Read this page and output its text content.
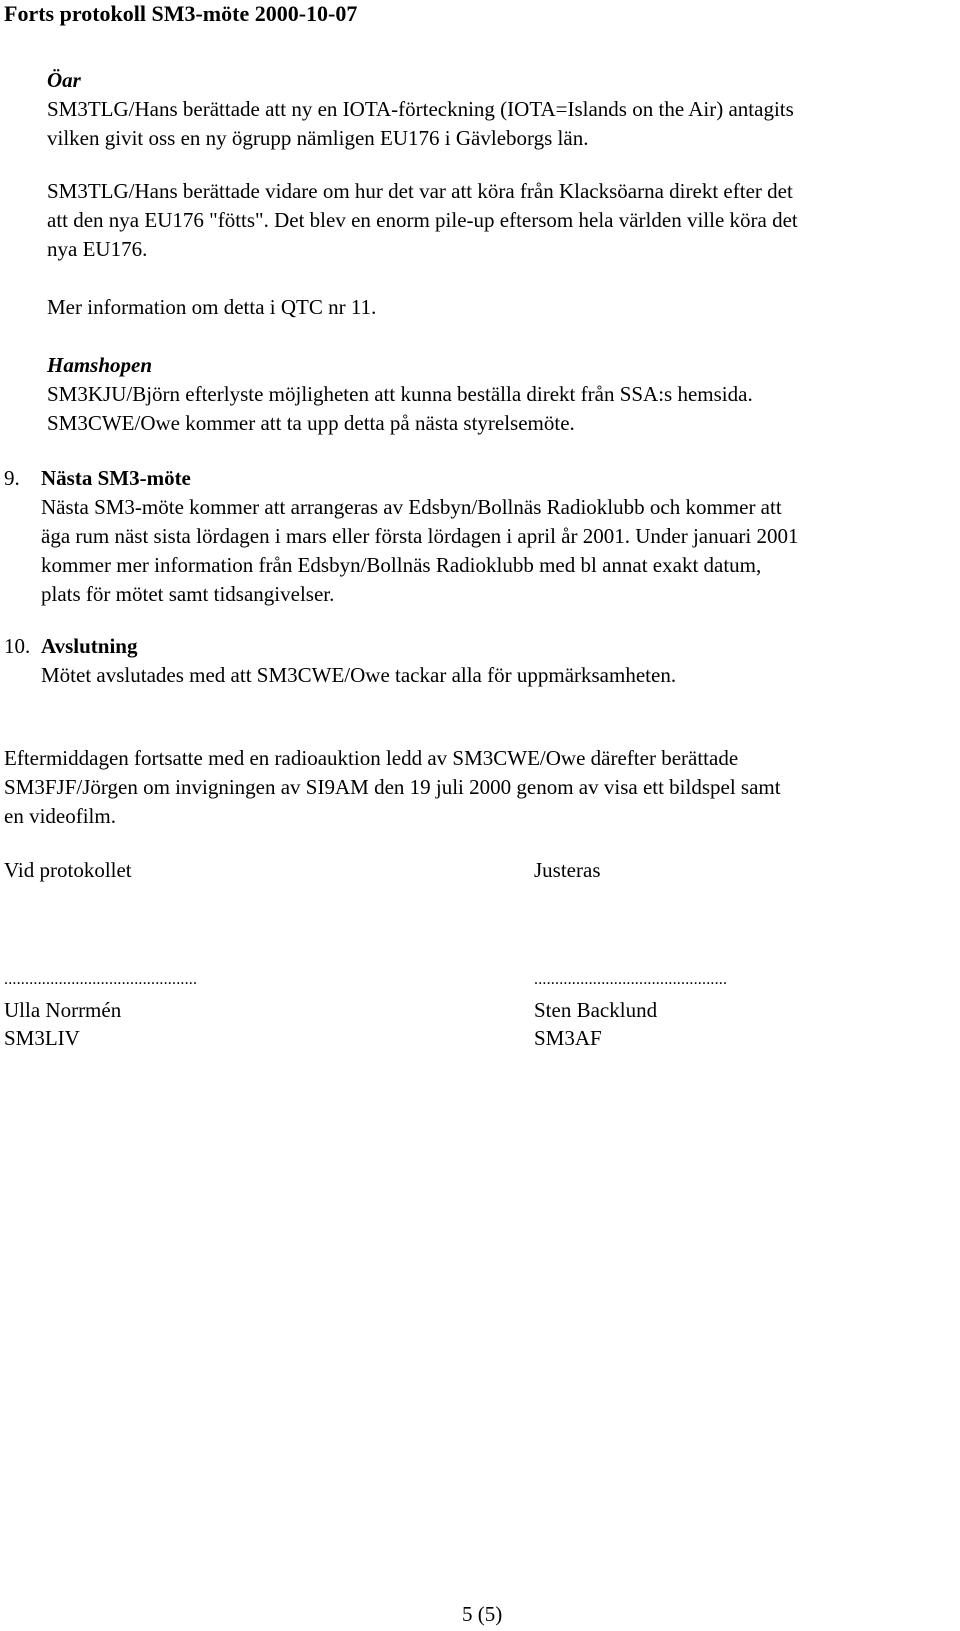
Forts protokoll SM3-möte 2000-10-07

Öar

SM3TLG/Hans berättade att ny en IOTA-förteckning (IOTA=Islands on the Air) antagits

vilken givit oss en ny ögrupp nämligen EU176 i Gävleborgs län.

SM3TLG/Hans berättade vidare om hur det var att köra från Klacksöarna direkt efter det

att den nya EU176 "fötts". Det blev en enorm pile-up eftersom hela världen ville köra det

nya EU176.

Mer information om detta i QTC nr 11.

Hamshopen

SM3KJU/Björn efterlyste möjligheten att kunna beställa direkt från SSA:s hemsida.

SM3CWE/Owe kommer att ta upp detta på nästa styrelsemöte.

9. Nästa SM3-möte

Nästa SM3-möte kommer att arrangeras av Edsbyn/Bollnäs Radioklubb och kommer att

äga rum näst sista lördagen i mars eller första lördagen i april år 2001. Under januari 2001

kommer mer information från Edsbyn/Bollnäs Radioklubb med bl annat exakt datum,

plats för mötet samt tidsangivelser.

10. Avslutning

Mötet avslutades med att SM3CWE/Owe tackar alla för uppmärksamheten.

Eftermiddagen fortsatte med en radioauktion ledd av SM3CWE/Owe därefter berättade

SM3FJF/Jörgen om invigningen av SI9AM den 19 juli 2000 genom av visa ett bildspel samt

en videofilm.

Vid protokollet	Justeras
..............................................	..............................................
Ulla Norrmén	Sten Backlund
SM3LIV	SM3AF
5 (5)
